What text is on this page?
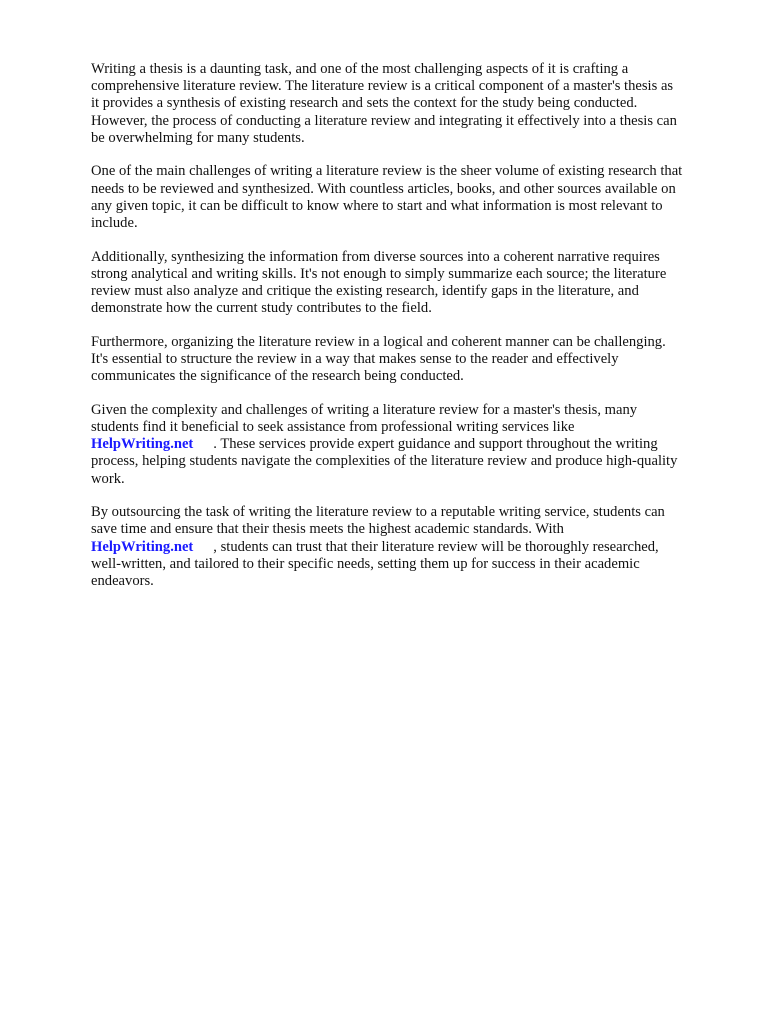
Writing a thesis is a daunting task, and one of the most challenging aspects of it is crafting a
comprehensive literature review. The literature review is a critical component of a master's thesis as
it provides a synthesis of existing research and sets the context for the study being conducted.
However, the process of conducting a literature review and integrating it effectively into a thesis can
be overwhelming for many students.

One of the main challenges of writing a literature review is the sheer volume of existing research that
needs to be reviewed and synthesized. With countless articles, books, and other sources available on
any given topic, it can be difficult to know where to start and what information is most relevant to
include.

Additionally, synthesizing the information from diverse sources into a coherent narrative requires
strong analytical and writing skills. It's not enough to simply summarize each source; the literature
review must also analyze and critique the existing research, identify gaps in the literature, and
demonstrate how the current study contributes to the field.

Furthermore, organizing the literature review in a logical and coherent manner can be challenging.
It's essential to structure the review in a way that makes sense to the reader and effectively
communicates the significance of the research being conducted.

Given the complexity and challenges of writing a literature review for a master's thesis, many
students find it beneficial to seek assistance from professional writing services like
HelpWriting.net . These services provide expert guidance and support throughout the writing
process, helping students navigate the complexities of the literature review and produce high-quality
work.

By outsourcing the task of writing the literature review to a reputable writing service, students can
save time and ensure that their thesis meets the highest academic standards. With
HelpWriting.net , students can trust that their literature review will be thoroughly researched,
well-written, and tailored to their specific needs, setting them up for success in their academic
endeavors.
